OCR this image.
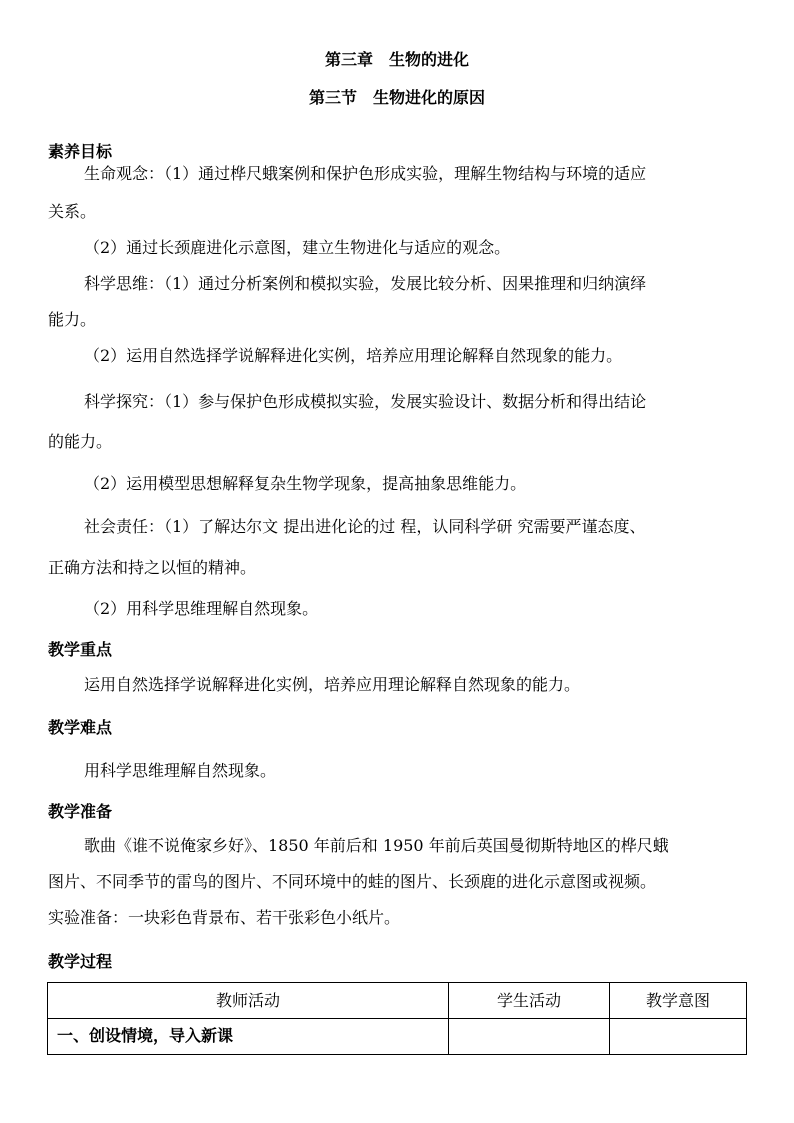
第三章　生物的进化
第三节　生物进化的原因
素养目标
生命观念：（1）通过桦尺蛾案例和保护色形成实验，理解生物结构与环境的适应
关系。
（2）通过长颈鹿进化示意图，建立生物进化与适应的观念。
科学思维：（1）通过分析案例和模拟实验，发展比较分析、因果推理和归纳演绎
能力。
（2）运用自然选择学说解释进化实例，培养应用理论解释自然现象的能力。
科学探究：（1）参与保护色形成模拟实验，发展实验设计、数据分析和得出结论
的能力。
（2）运用模型思想解释复杂生物学现象，提高抽象思维能力。
社会责任：（1）了解达尔文 提出进化论的过 程，认同科学研 究需要严谨态度、
正确方法和持之以恒的精神。
（2）用科学思维理解自然现象。
教学重点
运用自然选择学说解释进化实例，培养应用理论解释自然现象的能力。
教学难点
用科学思维理解自然现象。
教学准备
歌曲《谁不说俺家乡好》、1850 年前后和 1950 年前后英国曼彻斯特地区的桦尺蛾
图片、不同季节的雷鸟的图片、不同环境中的蛙的图片、长颈鹿的进化示意图或视频。
实验准备：一块彩色背景布、若干张彩色小纸片。
教学过程
教师活动	学生活动	教学意图
一、创设情境，导入新课		
